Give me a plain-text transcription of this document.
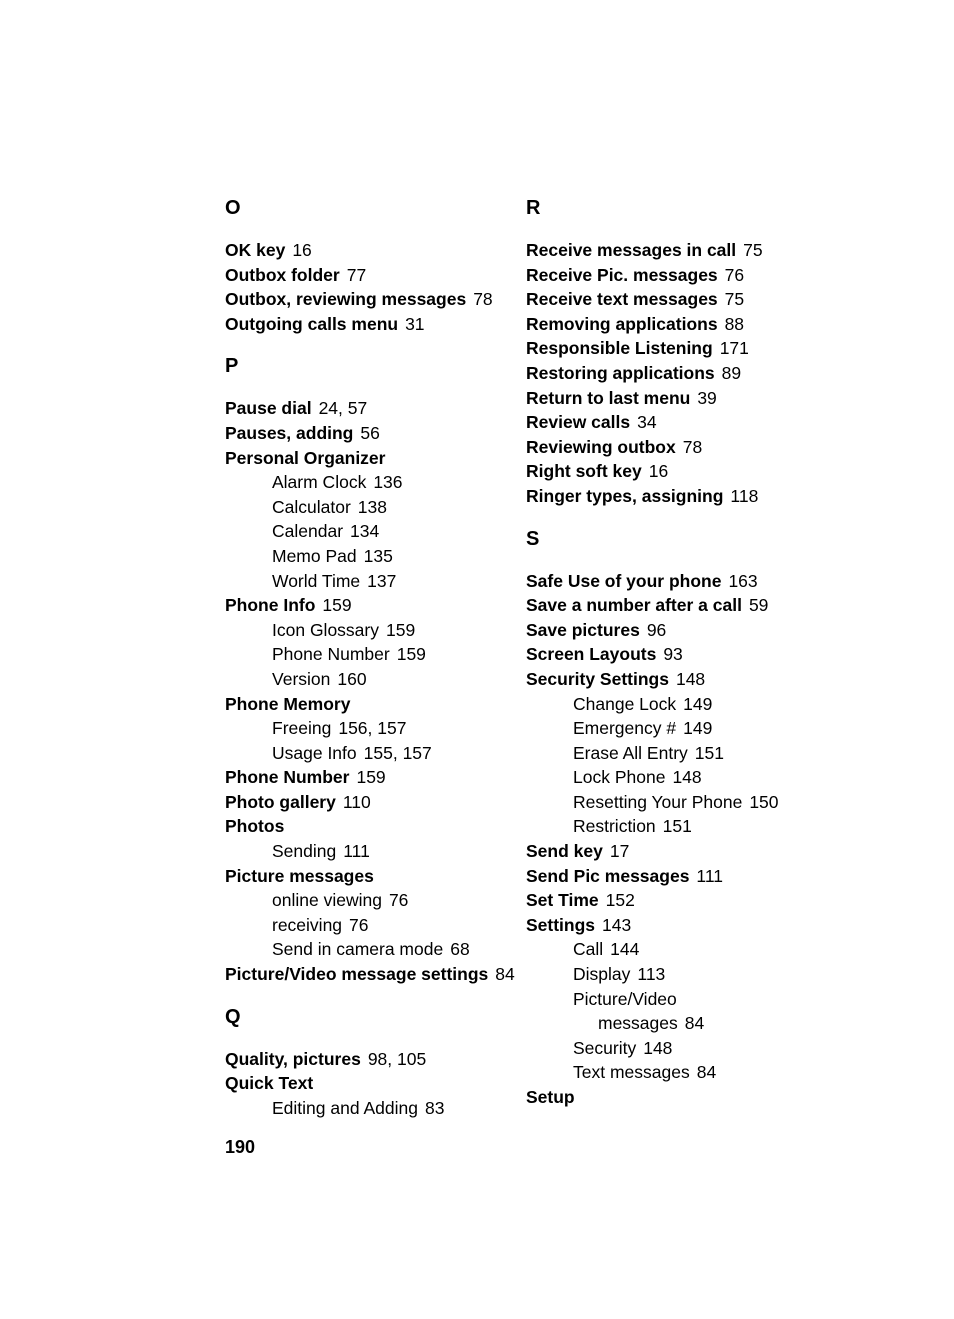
O
OK key 16
Outbox folder 77
Outbox, reviewing messages 78
Outgoing calls menu 31
P
Pause dial 24, 57
Pauses, adding 56
Personal Organizer
Alarm Clock 136
Calculator 138
Calendar 134
Memo Pad 135
World Time 137
Phone Info 159
Icon Glossary 159
Phone Number 159
Version 160
Phone Memory
Freeing 156, 157
Usage Info 155, 157
Phone Number 159
Photo gallery 110
Photos
Sending 111
Picture messages
online viewing 76
receiving 76
Send in camera mode 68
Picture/Video message settings 84
Q
Quality, pictures 98, 105
Quick Text
Editing and Adding 83
R
Receive messages in call 75
Receive Pic. messages 76
Receive text messages 75
Removing applications 88
Responsible Listening 171
Restoring applications 89
Return to last menu 39
Review calls 34
Reviewing outbox 78
Right soft key 16
Ringer types, assigning 118
S
Safe Use of your phone 163
Save a number after a call 59
Save pictures 96
Screen Layouts 93
Security Settings 148
Change Lock 149
Emergency # 149
Erase All Entry 151
Lock Phone 148
Resetting Your Phone 150
Restriction 151
Send key 17
Send Pic messages 111
Set Time 152
Settings 143
Call 144
Display 113
Picture/Video
messages 84
Security 148
Text messages 84
Setup
190
